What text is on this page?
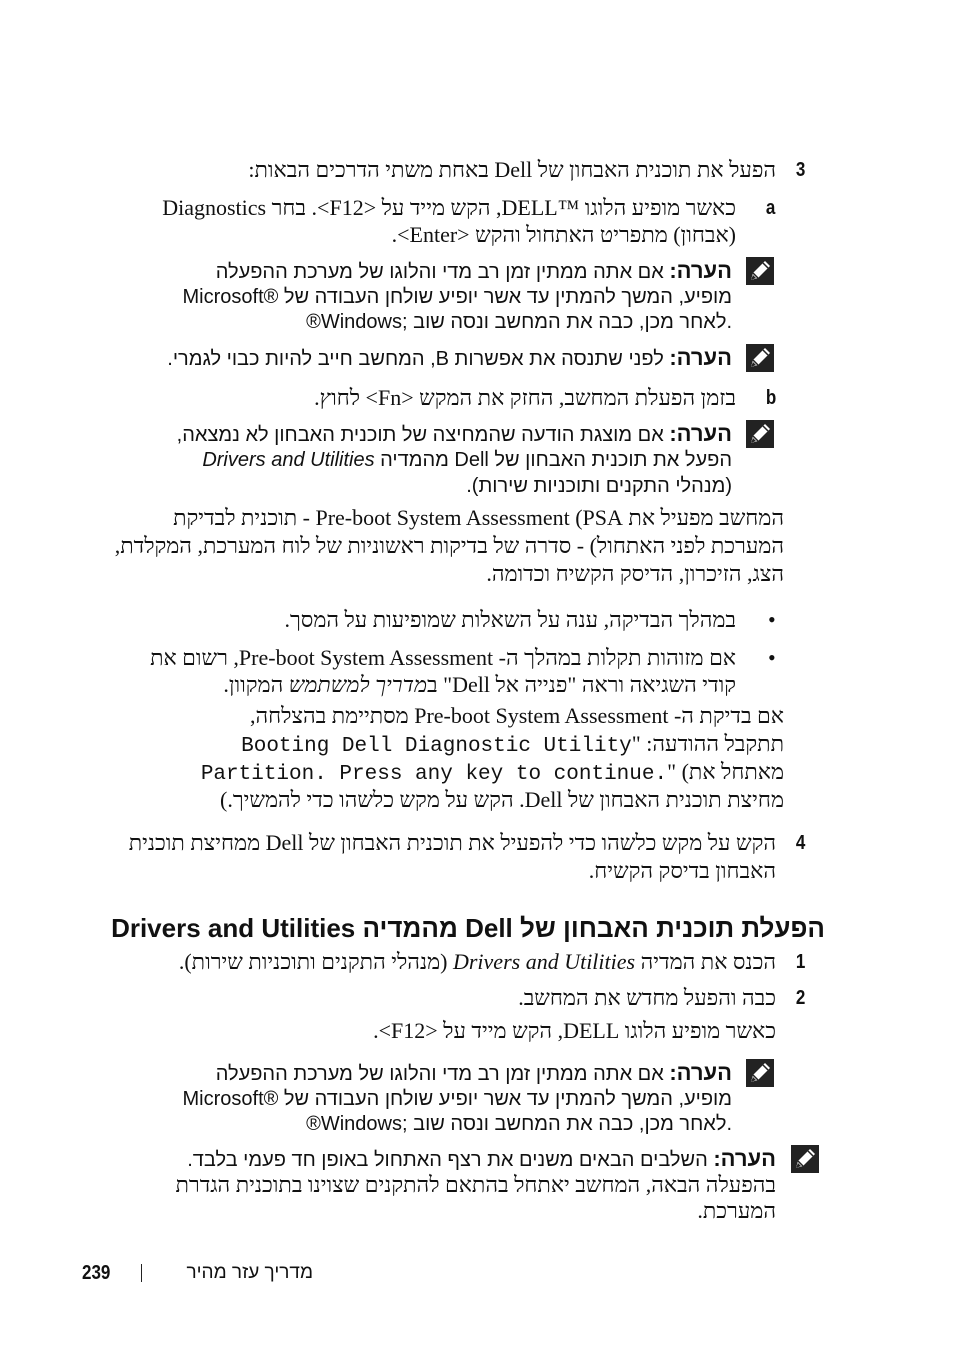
3
הפעל את תוכנית האבחון של Dell באחת משתי הדרכים הבאות:
a
כאשר מופיע הלוגו ™DELL, הקש מייד על <F12>. בחר Diagnostics
(אבחון) מתפריט האתחול והקש <Enter>.
הערה: אם אתה ממתין זמן רב מדי והלוגו של מערכת ההפעלה
מופיע, המשך להמתין עד אשר יופיע שולחן העבודה של ®Microsoft
®Windows; לאחר מכן, כבה את המחשב ונסה שוב.
הערה: לפני שתנסה את אפשרות B, המחשב חייב להיות כבוי לגמרי.
b
בזמן הפעלת המחשב, החזק את המקש <Fn> לחוץ.
הערה: אם מוצגת הודעה שהמחיצה של תוכנית האבחון לא נמצאה,
הפעל את תוכנית האבחון של Dell מהמדיה Drivers and Utilities
(מנהלי התקנים ותוכניות שירות).
המחשב מפעיל את Pre-boot System Assessment (PSA - תוכנית לבדיקת
המערכת לפני האתחול) - סדרה של בדיקות ראשוניות של לוח המערכת, המקלדת,
הצג, הזיכרון, הדיסק הקשיח וכדומה.
•
במהלך הבדיקה, ענה על השאלות שמופיעות על המסך.
•
אם מזוהות תקלות במהלך ה- Pre-boot System Assessment, רשום את
קודי השגיאה וראה "פנייה אל Dell" במדריך למשתמש המקוון.
אם בדיקת ה- Pre-boot System Assessment מסתיימת בהצלחה,
תתקבל ההודעה: "Booting Dell Diagnostic Utility
Partition. Press any key to continue." (מאתחל את
מחיצת תוכנית האבחון של Dell. הקש על מקש כלשהו כדי להמשיך.)
4
הקש על מקש כלשהו כדי להפעיל את תוכנית האבחון של Dell ממחיצת תוכנית
האבחון בדיסק הקשיח.
הפעלת תוכנית האבחון של Dell מהמדיה Drivers and Utilities
1
הכנס את המדיה Drivers and Utilities (מנהלי התקנים ותוכניות שירות).
2
כבה והפעל מחדש את המחשב.
כאשר מופיע הלוגו DELL, הקש מייד על <F12>.
הערה: אם אתה ממתין זמן רב מדי והלוגו של מערכת ההפעלה
מופיע, המשך להמתין עד אשר יופיע שולחן העבודה של ®Microsoft
®Windows; לאחר מכן, כבה את המחשב ונסה שוב.
הערה: השלבים הבאים משנים את רצף האתחול באופן חד פעמי בלבד.
בהפעלה הבאה, המחשב יאתחל בהתאם להתקנים שצוינו בתוכנית הגדרת
המערכת.
239	מדריך עזר מהיר
